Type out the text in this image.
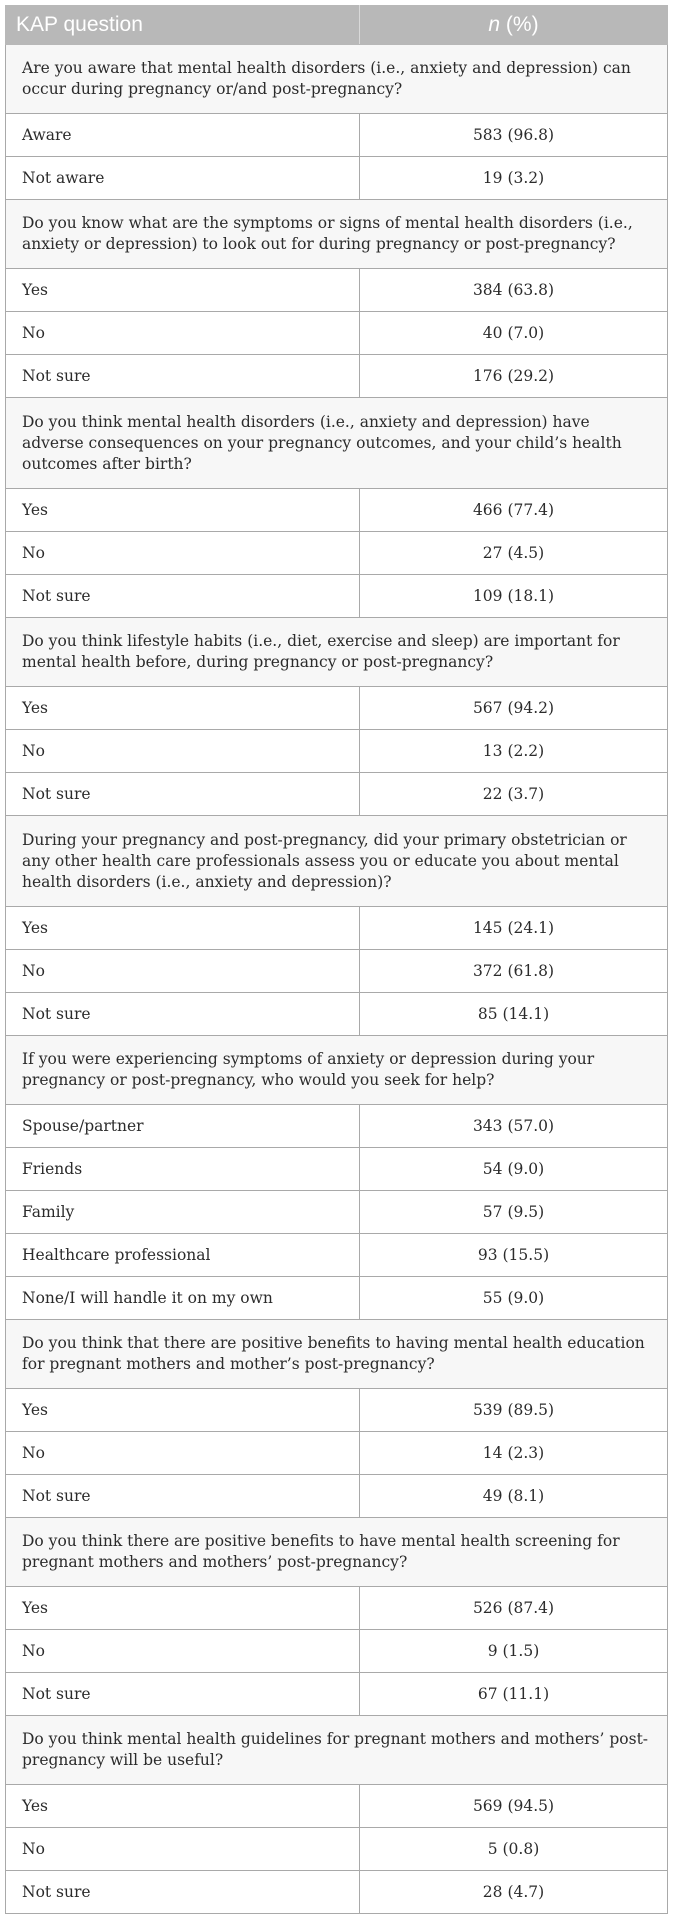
KAP question	n (%)
Are you aware that mental health disorders (i.e., anxiety and depression) can occur during pregnancy or/and post-pregnancy?	
Aware	583 (96.8)
Not aware	19 (3.2)
Do you know what are the symptoms or signs of mental health disorders (i.e., anxiety or depression) to look out for during pregnancy or post-pregnancy?	
Yes	384 (63.8)
No	40 (7.0)
Not sure	176 (29.2)
Do you think mental health disorders (i.e., anxiety and depression) have adverse consequences on your pregnancy outcomes, and your child’s health outcomes after birth?	
Yes	466 (77.4)
No	27 (4.5)
Not sure	109 (18.1)
Do you think lifestyle habits (i.e., diet, exercise and sleep) are important for mental health before, during pregnancy or post-pregnancy?	
Yes	567 (94.2)
No	13 (2.2)
Not sure	22 (3.7)
During your pregnancy and post-pregnancy, did your primary obstetrician or any other health care professionals assess you or educate you about mental health disorders (i.e., anxiety and depression)?	
Yes	145 (24.1)
No	372 (61.8)
Not sure	85 (14.1)
If you were experiencing symptoms of anxiety or depression during your pregnancy or post-pregnancy, who would you seek for help?	
Spouse/partner	343 (57.0)
Friends	54 (9.0)
Family	57 (9.5)
Healthcare professional	93 (15.5)
None/I will handle it on my own	55 (9.0)
Do you think that there are positive benefits to having mental health education for pregnant mothers and mother’s post-pregnancy?	
Yes	539 (89.5)
No	14 (2.3)
Not sure	49 (8.1)
Do you think there are positive benefits to have mental health screening for pregnant mothers and mothers’ post-pregnancy?	
Yes	526 (87.4)
No	9 (1.5)
Not sure	67 (11.1)
Do you think mental health guidelines for pregnant mothers and mothers’ post-pregnancy will be useful?	
Yes	569 (94.5)
No	5 (0.8)
Not sure	28 (4.7)
